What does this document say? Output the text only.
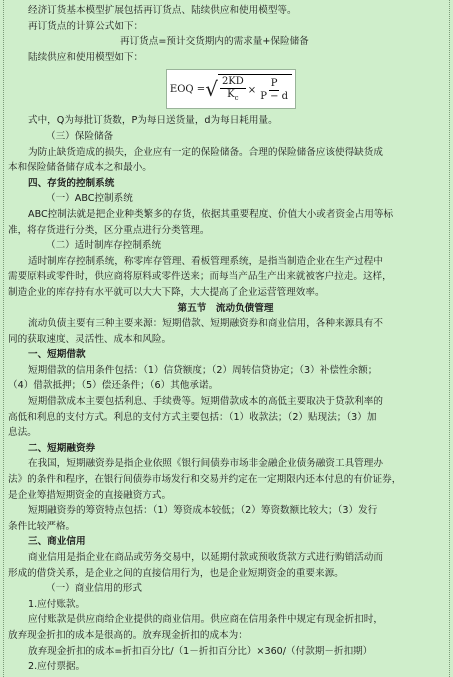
经济订货基本模型扩展包括再订货点、陆续供应和使用模型等。

再订货点的计算公式如下：

再订货点=预计交货期内的需求量+保险储备

陆续供应和使用模型如下：

EOQ = √ $\frac{2KD}{K_c} \times \frac{P}{P - d}$

式中，Q为每批订货数，P为每日送货量，d为每日耗用量。

（三）保险储备

为防止缺货造成的损失，企业应有一定的保险储备。合理的保险储备应该使得缺货成

本和保险储备储存成本之和最小。

四、存货的控制系统

（一）ABC控制系统

ABC控制法就是把企业种类繁多的存货，依据其重要程度、价值大小或者资金占用等标

准，将存货进行分类，区分重点进行分类管理。

（二）适时制库存控制系统

适时制库存控制系统，称零库存管理、看板管理系统，是指当制造企业在生产过程中

需要原料或零件时，供应商将原料或零件送来；而每当产品生产出来就被客户拉走。这样，

制造企业的库存持有水平就可以大大下降，大大提高了企业运营管理效率。

第五节　流动负债管理

流动负债主要有三种主要来源：短期借款、短期融资券和商业信用，各种来源具有不

同的获取速度、灵活性、成本和风险。

一、短期借款

短期借款的信用条件包括：（1）信贷额度；（2）周转信贷协定；（3）补偿性余额；

（4）借款抵押；（5）偿还条件；（6）其他承诺。

短期借款成本主要包括利息、手续费等。短期借款成本的高低主要取决于贷款利率的

高低和利息的支付方式。利息的支付方式主要包括：（1）收款法；（2）贴现法；（3）加

息法。

二、短期融资券

在我国，短期融资券是指企业依照《银行间债券市场非金融企业债务融资工具管理办

法》的条件和程序，在银行间债券市场发行和交易并约定在一定期限内还本付息的有价证券，

是企业筹措短期资金的直接融资方式。

短期融资券的筹资特点包括：（1）筹资成本较低；（2）筹资数额比较大；（3）发行

条件比较严格。

三、商业信用

商业信用是指企业在商品或劳务交易中，以延期付款或预收货款方式进行购销活动而

形成的借贷关系，是企业之间的直接信用行为，也是企业短期资金的重要来源。

（一）商业信用的形式

1.应付账款。

应付账款是供应商给企业提供的商业信用。供应商在信用条件中规定有现金折扣时，

放弃现金折扣的成本是很高的。放弃现金折扣的成本为：

放弃现金折扣的成本=折扣百分比/（1－折扣百分比）×360/（付款期－折扣期）

2.应付票据。
